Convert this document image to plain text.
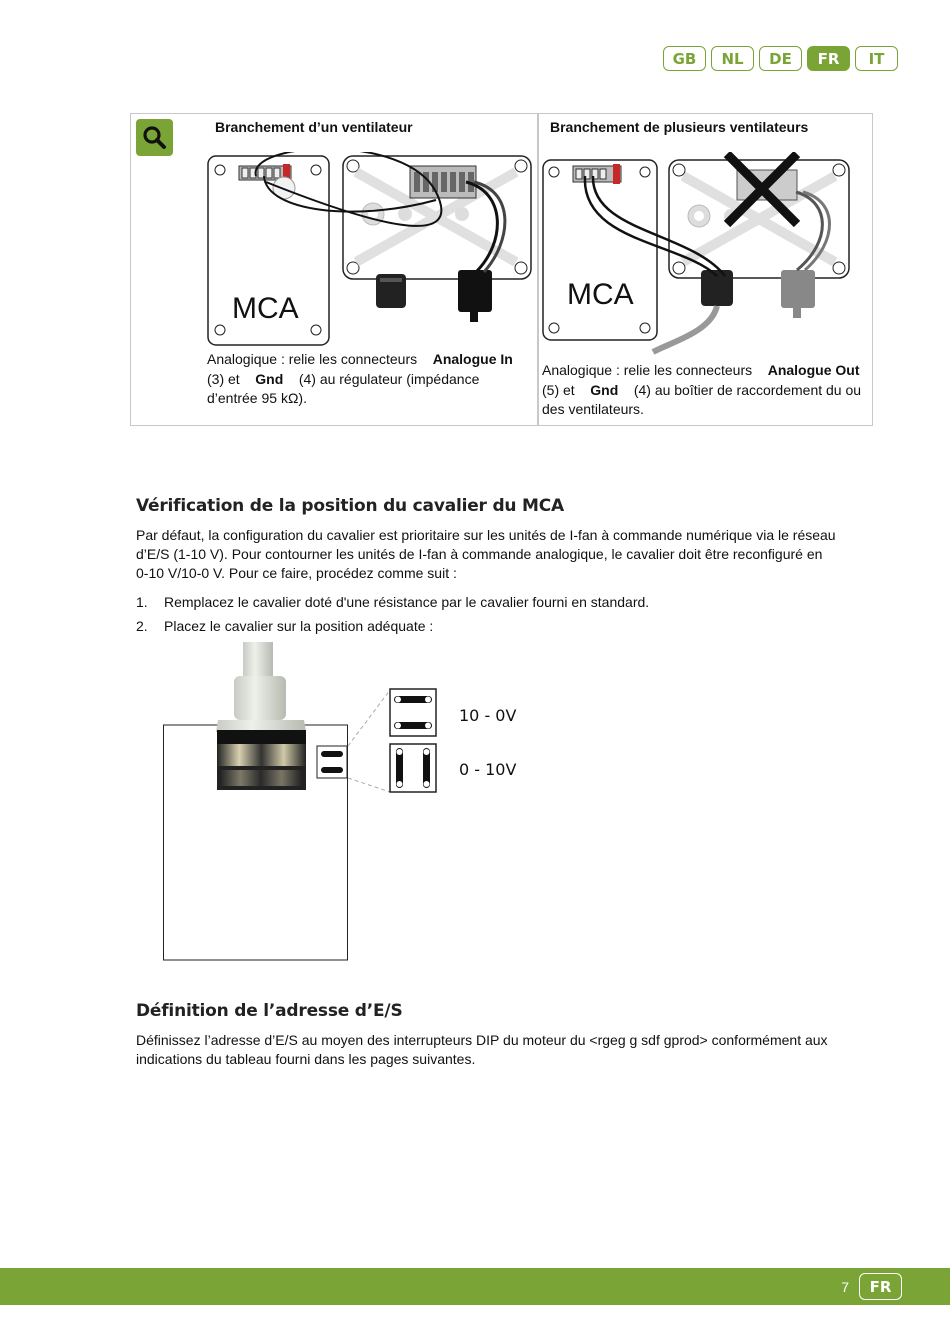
GB	NL	DE	FR	IT
Branchement d’un ventilateur	Branchement de plusieurs ventilateurs
MCA	MCA
Analogique : relie les connecteurs Analogue In
(3) et Gnd (4) au régulateur (impédance
d’entrée 95 kΩ).
Analogique : relie les connecteurs Analogue Out
(5) et Gnd (4) au boîtier de raccordement du ou
des ventilateurs.
Vérification de la position du cavalier du MCA

Par défaut, la configuration du cavalier est prioritaire sur les unités de I-fan à commande numérique via le réseau
d’E/S (1-10 V). Pour contourner les unités de I-fan à commande analogique, le cavalier doit être reconfiguré en
0-10 V/10-0 V. Pour ce faire, procédez comme suit :

1.	Remplacez le cavalier doté d'une résistance par le cavalier fourni en standard.
2.	Placez le cavalier sur la position adéquate :
10 - 0V
0 - 10V
Définition de l’adresse d’E/S

Définissez l’adresse d’E/S au moyen des interrupteurs DIP du moteur du <rgeg g sdf gprod> conformément aux
indications du tableau fourni dans les pages suivantes.

7	FR
